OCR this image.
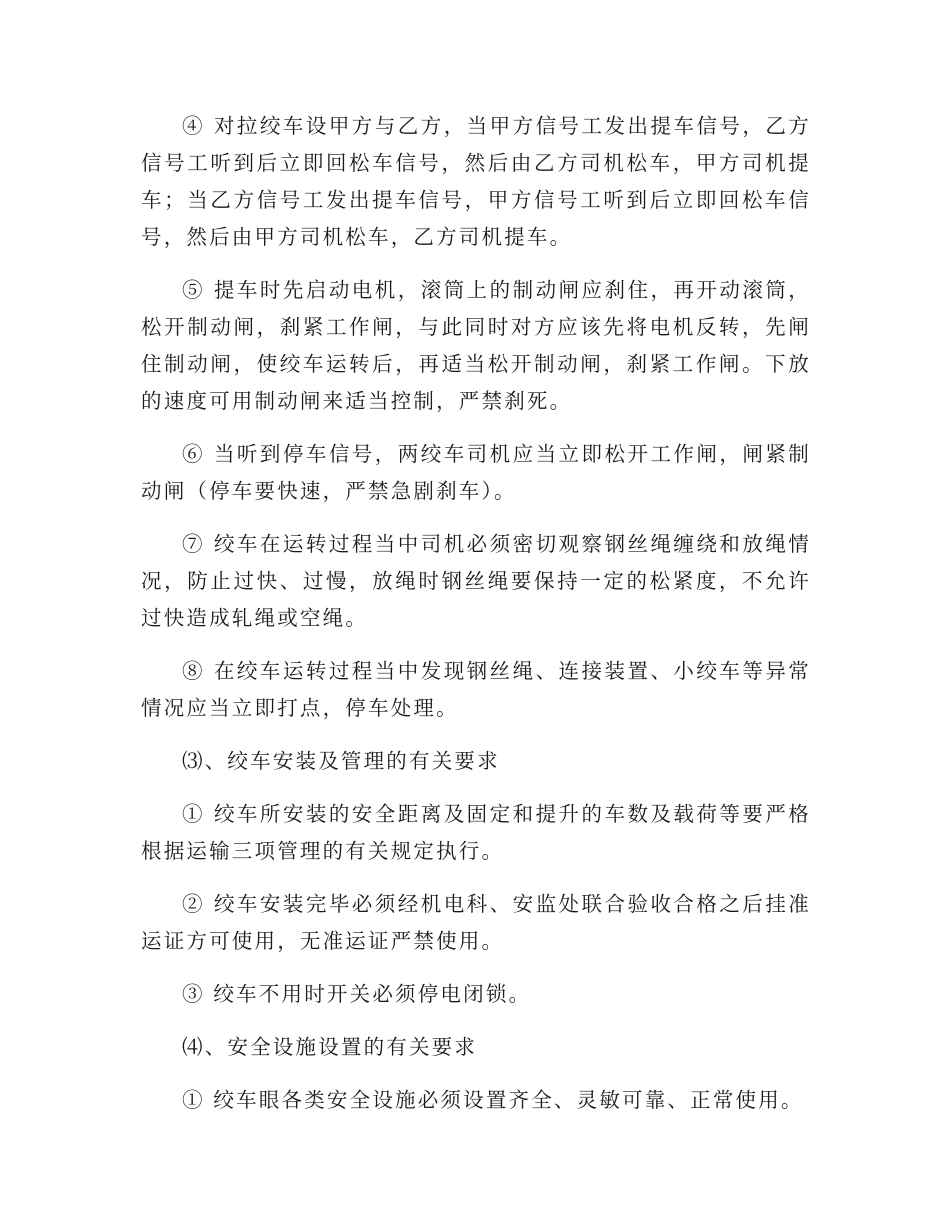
④ 对拉绞车设甲方与乙方，当甲方信号工发出提车信号，乙方信号工听到后立即回松车信号，然后由乙方司机松车，甲方司机提车；当乙方信号工发出提车信号，甲方信号工听到后立即回松车信号，然后由甲方司机松车，乙方司机提车。

⑤ 提车时先启动电机，滚筒上的制动闸应刹住，再开动滚筒，松开制动闸，刹紧工作闸，与此同时对方应该先将电机反转，先闸住制动闸，使绞车运转后，再适当松开制动闸，刹紧工作闸。下放的速度可用制动闸来适当控制，严禁刹死。

⑥ 当听到停车信号，两绞车司机应当立即松开工作闸，闸紧制动闸（停车要快速，严禁急剧刹车）。

⑦ 绞车在运转过程当中司机必须密切观察钢丝绳缠绕和放绳情况，防止过快、过慢，放绳时钢丝绳要保持一定的松紧度，不允许过快造成轧绳或空绳。

⑧ 在绞车运转过程当中发现钢丝绳、连接装置、小绞车等异常情况应当立即打点，停车处理。

⑶、绞车安装及管理的有关要求

① 绞车所安装的安全距离及固定和提升的车数及载荷等要严格根据运输三项管理的有关规定执行。

② 绞车安装完毕必须经机电科、安监处联合验收合格之后挂准运证方可使用，无准运证严禁使用。

③ 绞车不用时开关必须停电闭锁。

⑷、安全设施设置的有关要求

① 绞车眼各类安全设施必须设置齐全、灵敏可靠、正常使用。
